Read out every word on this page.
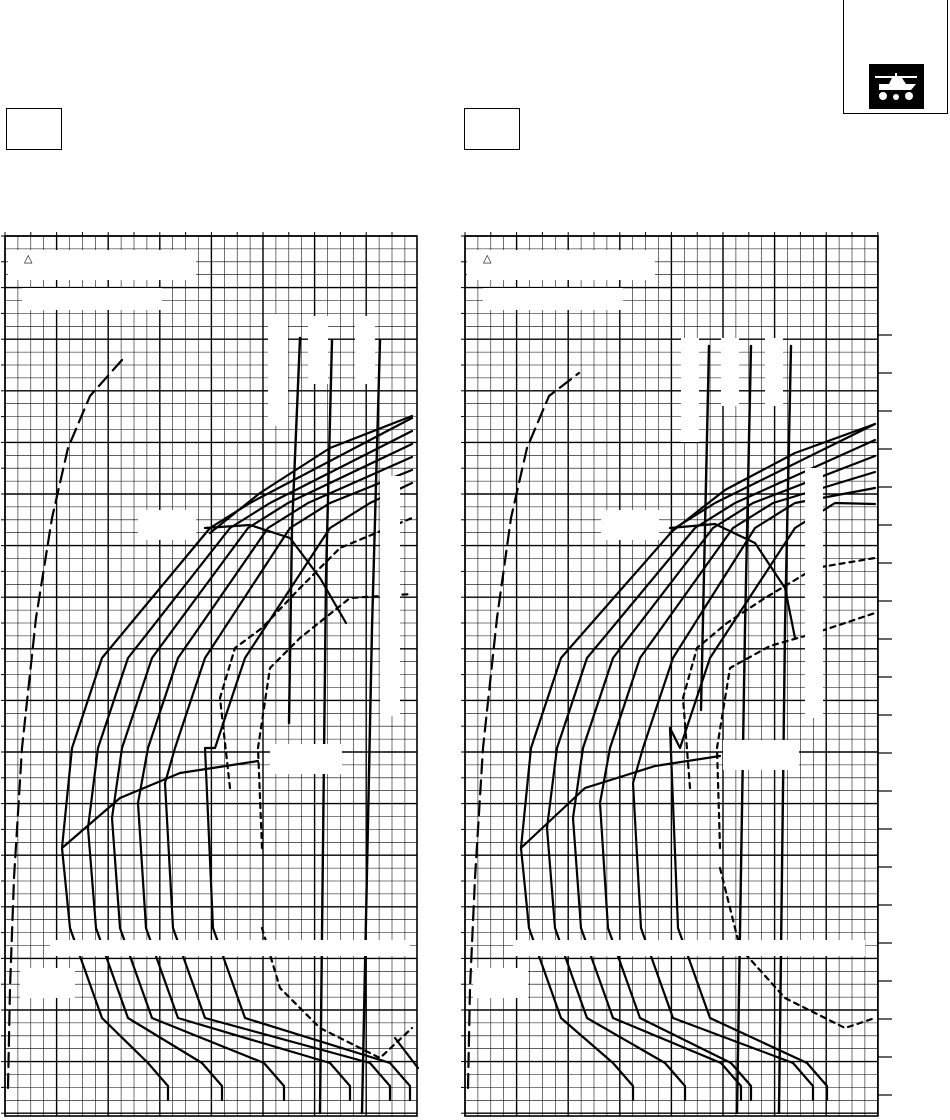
△	△
